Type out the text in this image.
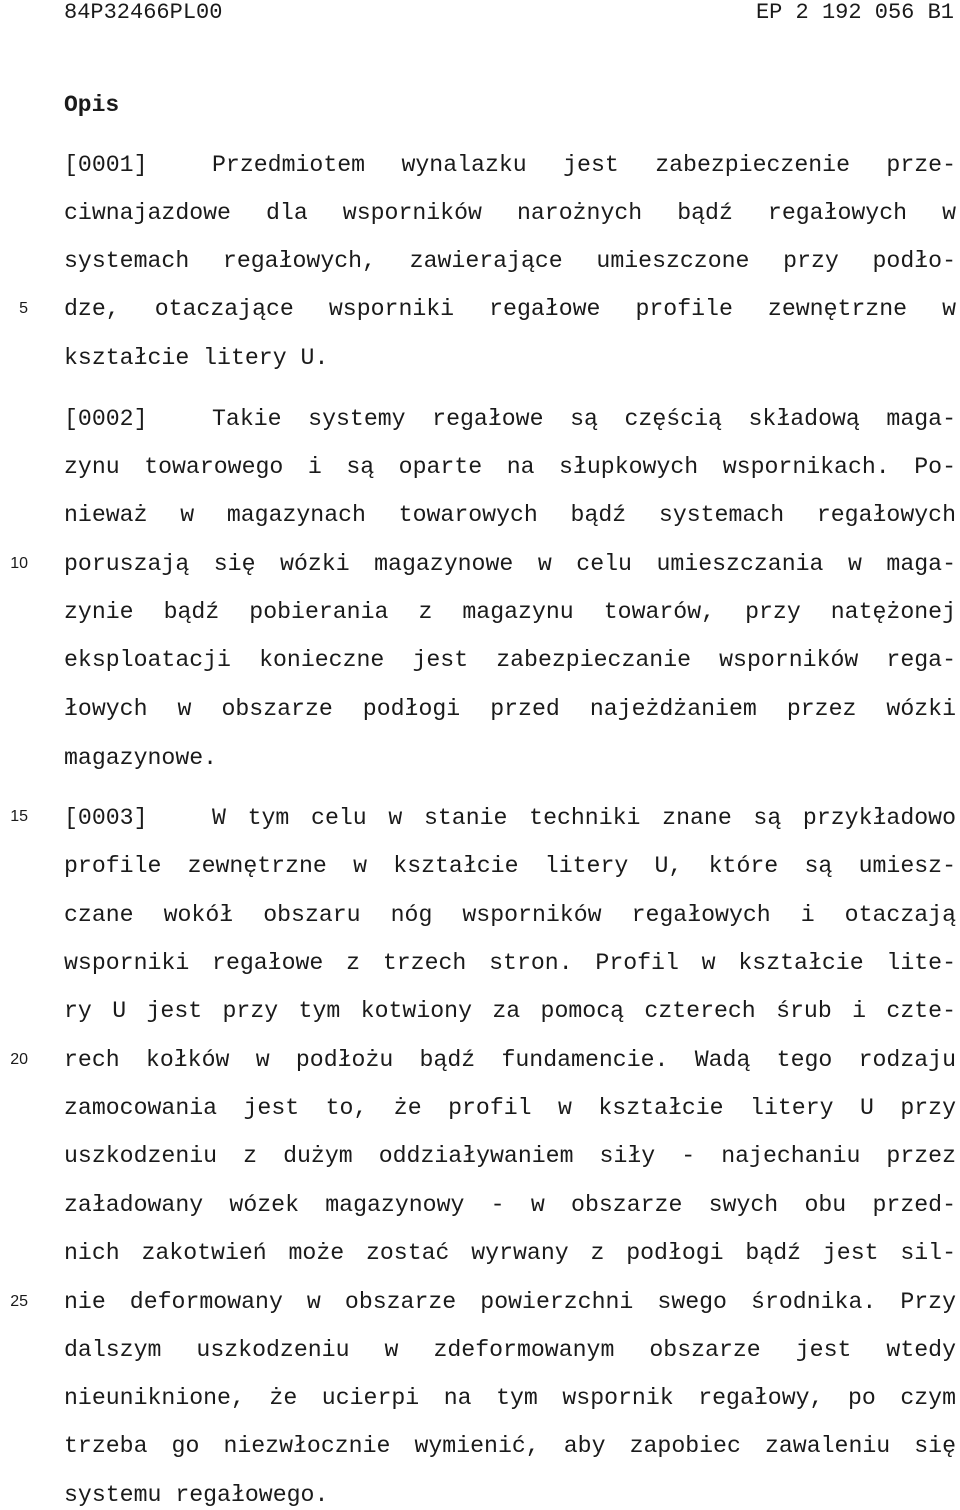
84P32466PL00	EP 2 192 056 B1
Opis
5
10
15
20
25
[0001]	Przedmiotem wynalazku jest zabezpieczenie prze-
ciwnajazdowe dla wsporników narożnych bądź regałowych w
systemach regałowych, zawierające umieszczone przy podło-
dze, otaczające wsporniki regałowe profile zewnętrzne w
kształcie litery U.
[0002]	Takie systemy regałowe są częścią składową maga-
zynu towarowego i są oparte na słupkowych wspornikach. Po-
nieważ w magazynach towarowych bądź systemach regałowych
poruszają się wózki magazynowe w celu umieszczania w maga-
zynie bądź pobierania z magazynu towarów, przy natężonej
eksploatacji konieczne jest zabezpieczanie wsporników rega-
łowych w obszarze podłogi przed najeżdżaniem przez wózki
magazynowe.
[0003]	W tym celu w stanie techniki znane są przykładowo
profile zewnętrzne w kształcie litery U, które są umiesz-
czane wokół obszaru nóg wsporników regałowych i otaczają
wsporniki regałowe z trzech stron. Profil w kształcie lite-
ry U jest przy tym kotwiony za pomocą czterech śrub i czte-
rech kołków w podłożu bądź fundamencie. Wadą tego rodzaju
zamocowania jest to, że profil w kształcie litery U przy
uszkodzeniu z dużym oddziaływaniem siły - najechaniu przez
załadowany wózek magazynowy - w obszarze swych obu przed-
nich zakotwień może zostać wyrwany z podłogi bądź jest sil-
nie deformowany w obszarze powierzchni swego środnika. Przy
dalszym uszkodzeniu w zdeformowanym obszarze jest wtedy
nieuniknione, że ucierpi na tym wspornik regałowy, po czym
trzeba go niezwłocznie wymienić, aby zapobiec zawaleniu się
systemu regałowego.
